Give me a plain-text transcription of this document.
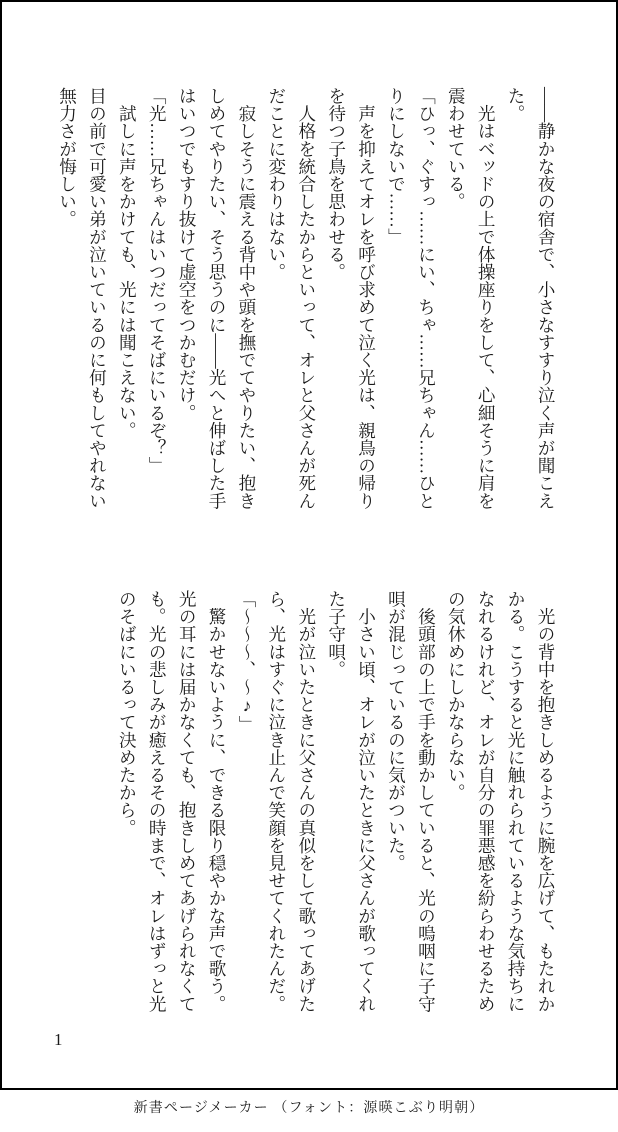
――静かな夜の宿舎で、小さなすすり泣く声が聞こえ
た。
　光はベッドの上で体操座りをして、心細そうに肩を
震わせている。
「ひっ、ぐすっ……にい、ちゃ……兄ちゃん……ひと
りにしないで……」
　声を抑えてオレを呼び求めて泣く光は、親鳥の帰り
を待つ子鳥を思わせる。
　人格を統合したからといって、オレと父さんが死ん
だことに変わりはない。
　寂しそうに震える背中や頭を撫でてやりたい、抱き
しめてやりたい、そう思うのに――光へと伸ばした手
はいつでもすり抜けて虚空をつかむだけ。
「光……兄ちゃんはいつだってそばにいるぞ？」
　試しに声をかけても、光には聞こえない。
目の前で可愛い弟が泣いているのに何もしてやれない
無力さが悔しい。
　光の背中を抱きしめるように腕を広げて、もたれか
かる。こうすると光に触れられているような気持ちに
なれるけれど、オレが自分の罪悪感を紛らわせるため
の気休めにしかならない。
　後頭部の上で手を動かしていると、光の嗚咽に子守
唄が混じっているのに気がついた。
　小さい頃、オレが泣いたときに父さんが歌ってくれ
た子守唄。
　光が泣いたときに父さんの真似をして歌ってあげた
ら、光はすぐに泣き止んで笑顔を見せてくれたんだ。
「～～～、～♪」
　驚かせないように、できる限り穏やかな声で歌う。
光の耳には届かなくても、抱きしめてあげられなくて
も。光の悲しみが癒えるその時まで、オレはずっと光
のそばにいるって決めたから。
1
新書ページメーカー （フォント：源暎こぶり明朝）
